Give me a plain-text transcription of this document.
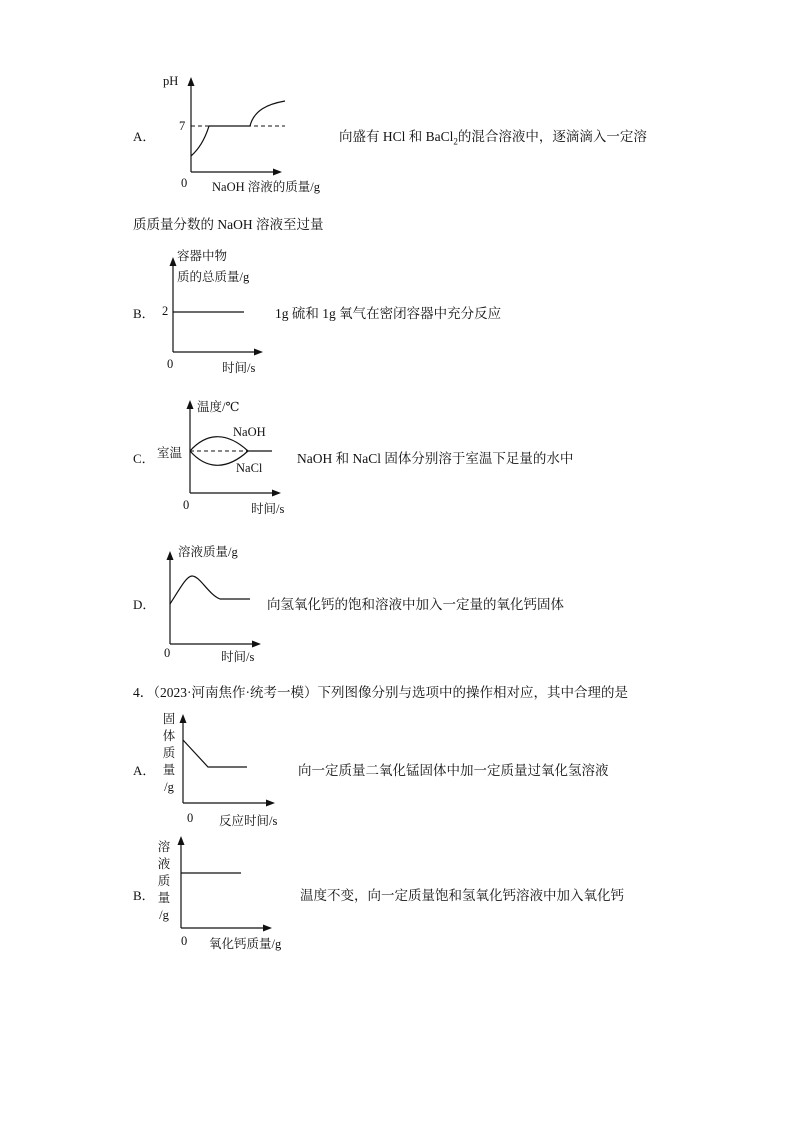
A．
pH
7
0 NaOH 溶液的质量/g
向盛有 HCl 和 BaCl$_2$的混合溶液中，逐滴滴入一定溶
质质量分数的 NaOH 溶液至过量
B．
容器中物
质的总质量/g
2
0	时间/s
1g 硫和 1g 氧气在密闭容器中充分反应
C．
温度/℃
室温
0	时间/s
NaOH
NaCl
NaOH 和 NaCl 固体分别溶于室温下足量的水中
D．
溶液质量/g
0	时间/s
向氢氧化钙的饱和溶液中加入一定量的氧化钙固体
4．（2023·河南焦作·统考一模）下列图像分别与选项中的操作相对应，其中合理的是
A．
固
体
质
量
/g
0 反应时间/s
向一定质量二氧化锰固体中加一定质量过氧化氢溶液
B．
溶
液
质
量
/g
0 氧化钙质量/g
温度不变，向一定质量饱和氢氧化钙溶液中加入氧化钙
